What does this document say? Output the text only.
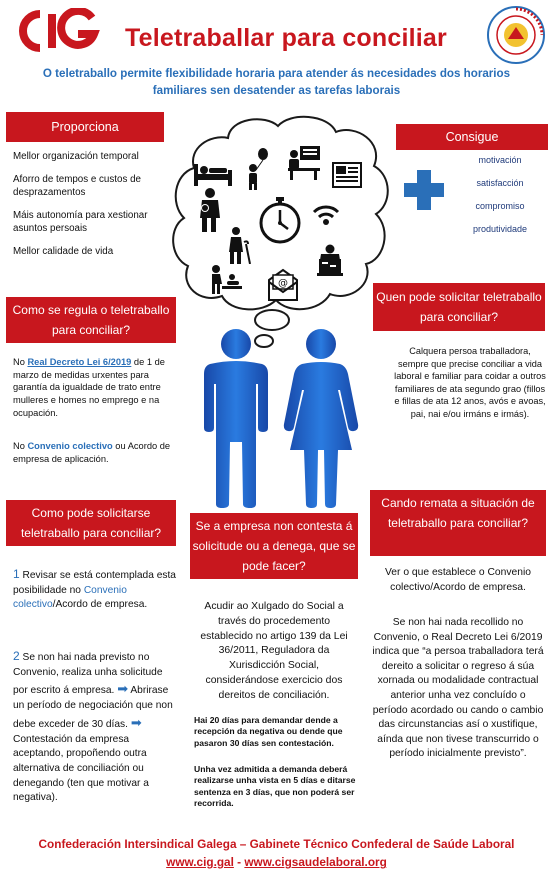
Teletraballar para conciliar

O teletraballo permite flexibilidade horaria para atender ás necesidades dos horarios

familiares sen desatender as tarefas laborais

Proporciona
Mellor organización temporal
Aforro de tempos e custos de desprazamentos
Máis autonomía para xestionar asuntos persoais
Mellor calidade de vida
Consigue
motivación
satisfacción
compromiso
produtividade
@
Como se regula o teletraballo para conciliar?

No Real Decreto Lei 6/2019 de 1 de marzo de medidas urxentes para garantía da igualdade de trato entre mulleres e homes no emprego e na ocupación.

No Convenio colectivo ou Acordo de empresa de aplicación.

Quen pode solicitar teletraballo para conciliar?

Calquera persoa traballadora, sempre que precise conciliar a vida laboral e familiar para coidar a outros familiares de ata segundo grao (fillos e fillas de ata 12 anos, avós e avoas, pai, nai e/ou irmáns e irmás).

Como pode solicitarse teletraballo para conciliar?

1 Revisar se está contemplada esta posibilidade no Convenio colectivo/Acordo de empresa.

2 Se non hai nada previsto no Convenio, realiza unha solicitude por escrito á empresa. ➡ Abrirase un período de negociación que non debe exceder de 30 días. ➡ Contestación da empresa aceptando, propoñendo outra alternativa de conciliación ou denegando (ten que motivar a negativa).

Se a empresa non contesta á solicitude ou a denega, que se pode facer?

Acudir ao Xulgado do Social a través do procedemento establecido no artigo 139 da Lei 36/2011, Reguladora da Xurisdicción Social, considerándose exercicio dos dereitos de conciliación.

Hai 20 días para demandar dende a recepción da negativa ou dende que pasaron 30 días sen contestación.

Unha vez admitida a demanda deberá realizarse unha vista en 5 días e ditarse sentenza en 3 días, que non poderá ser recorrida.

Cando remata a situación de teletraballo para conciliar?

Ver o que establece o Convenio colectivo/Acordo de empresa.

Se non hai nada recollido no Convenio, o Real Decreto Lei 6/2019 indica que “a persoa traballadora terá dereito a solicitar o regreso á súa xornada ou modalidade contractual anterior unha vez concluído o período acordado ou cando o cambio das circunstancias así o xustifique, aínda que non tivese transcurrido o período inicialmente previsto”.

Confederación Intersindical Galega – Gabinete Técnico Confederal de Saúde Laboral

www.cig.gal - www.cigsaudelaboral.org
